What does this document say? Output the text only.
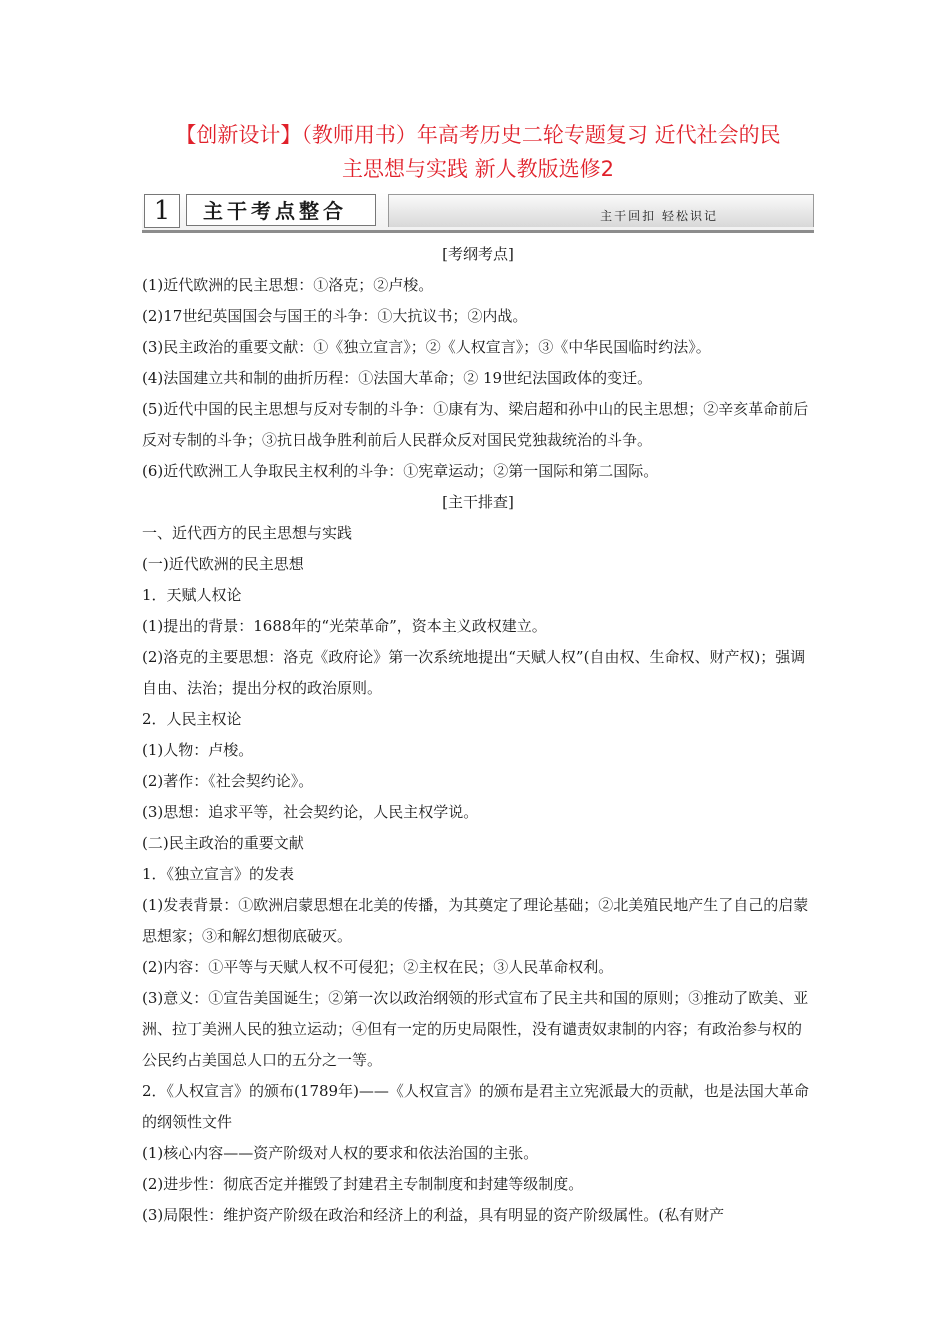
【创新设计】（教师用书）年高考历史二轮专题复习 近代社会的民
主思想与实践 新人教版选修2
1	主干考点整合	主干回扣 轻松识记

[考纲考点]

(1)近代欧洲的民主思想：①洛克；②卢梭。

(2)17世纪英国国会与国王的斗争：①大抗议书；②内战。

(3)民主政治的重要文献：①《独立宣言》；②《人权宣言》；③《中华民国临时约法》。

(4)法国建立共和制的曲折历程：①法国大革命；② 19世纪法国政体的变迁。

(5)近代中国的民主思想与反对专制的斗争：①康有为、梁启超和孙中山的民主思想；②辛亥革命前后反对专制的斗争；③抗日战争胜利前后人民群众反对国民党独裁统治的斗争。

(6)近代欧洲工人争取民主权利的斗争：①宪章运动；②第一国际和第二国际。

[主干排查]

一、近代西方的民主思想与实践

(一)近代欧洲的民主思想

1．天赋人权论

(1)提出的背景：1688年的“光荣革命”，资本主义政权建立。

(2)洛克的主要思想：洛克《政府论》第一次系统地提出“天赋人权”(自由权、生命权、财产权)；强调自由、法治；提出分权的政治原则。

2．人民主权论

(1)人物：卢梭。

(2)著作：《社会契约论》。

(3)思想：追求平等，社会契约论，人民主权学说。

(二)民主政治的重要文献

1．《独立宣言》的发表

(1)发表背景：①欧洲启蒙思想在北美的传播，为其奠定了理论基础；②北美殖民地产生了自己的启蒙思想家；③和解幻想彻底破灭。

(2)内容：①平等与天赋人权不可侵犯；②主权在民；③人民革命权利。

(3)意义：①宣告美国诞生；②第一次以政治纲领的形式宣布了民主共和国的原则；③推动了欧美、亚洲、拉丁美洲人民的独立运动；④但有一定的历史局限性，没有谴责奴隶制的内容；有政治参与权的公民约占美国总人口的五分之一等。

2．《人权宣言》的颁布(1789年)——《人权宣言》的颁布是君主立宪派最大的贡献，也是法国大革命的纲领性文件

(1)核心内容——资产阶级对人权的要求和依法治国的主张。

(2)进步性：彻底否定并摧毁了封建君主专制制度和封建等级制度。

(3)局限性：维护资产阶级在政治和经济上的利益，具有明显的资产阶级属性。(私有财产
